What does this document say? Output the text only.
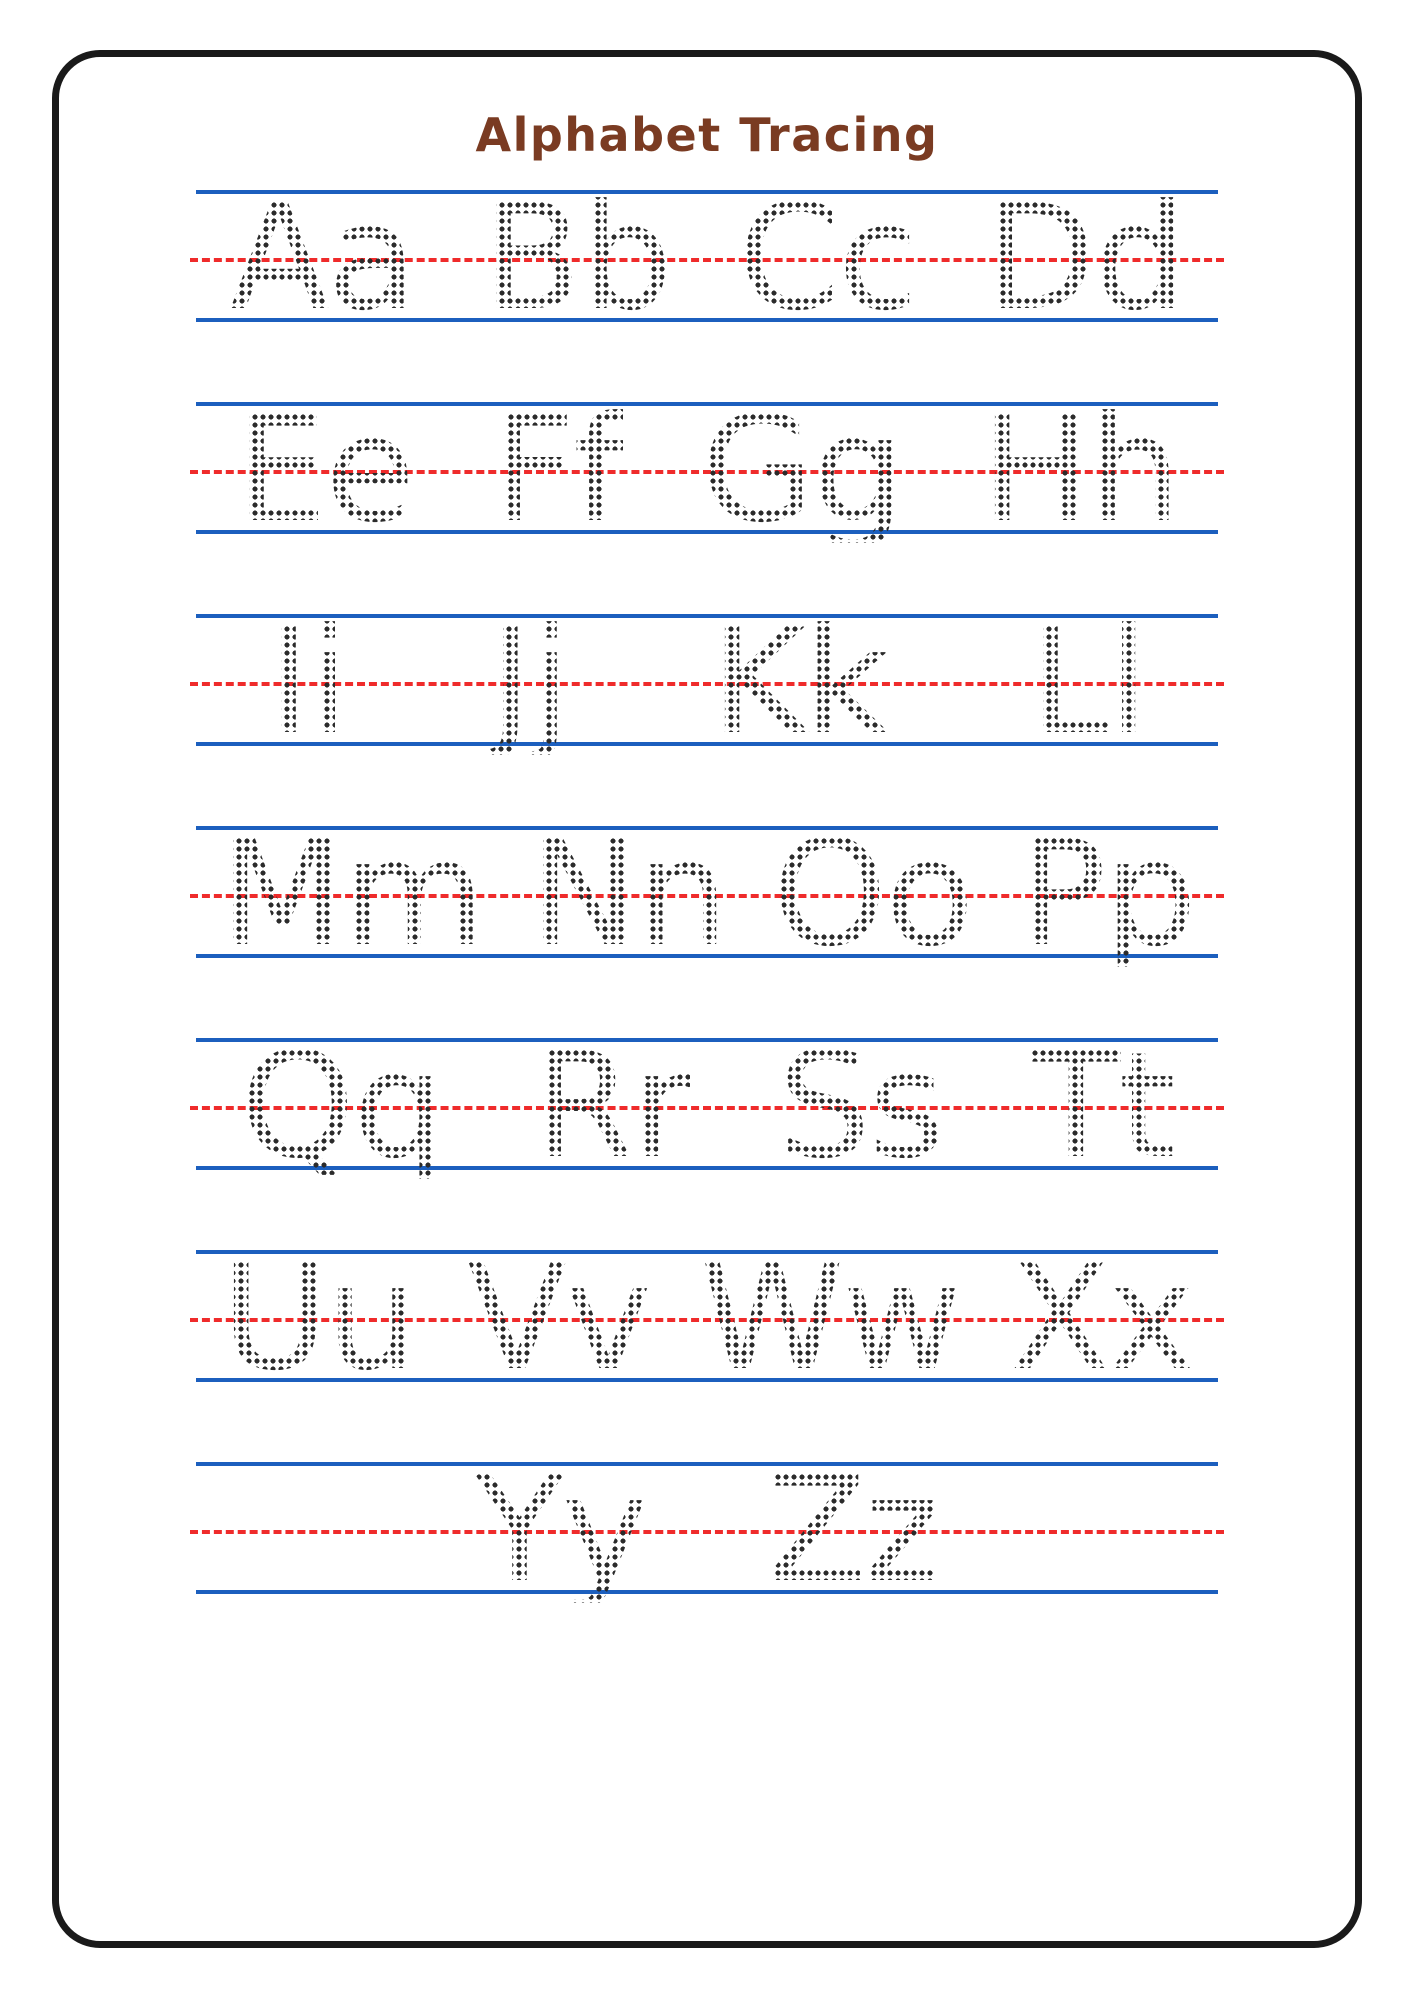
Alphabet Tracing
Aa Bb Cc Dd
Ee Ff Gg Hh
Ii Jj Kk Ll
Mm Nn Oo Pp
Qq Rr Ss Tt
Uu Vv Ww Xx
Yy Zz
